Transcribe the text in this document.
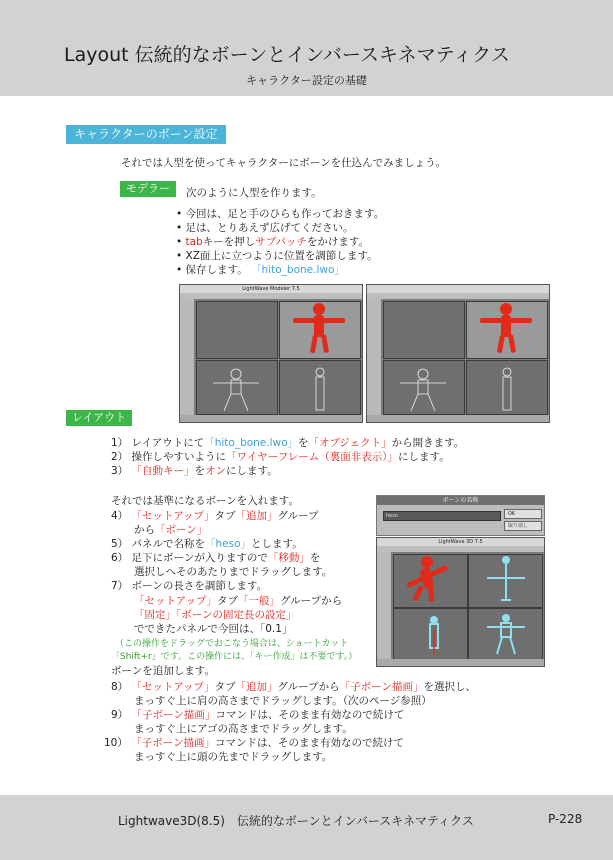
Layout 伝統的なボーンとインバースキネマティクス
キャラクター設定の基礎
キャラクターのボーン設定
それでは人型を使ってキャラクターにボーンを仕込んでみましょう。
モデラー	次のように人型を作ります。
• 今回は、足と手のひらも作っておきます。
• 足は、とりあえず広げてください。
• tabキーを押しサブパッチをかけます。
• XZ面上に立つように位置を調節します。
• 保存します。 「hito_bone.lwo」
LightWave Modeler 7.5
レイアウト
1） レイアウトにて「hito_bone.lwo」を「オブジェクト」から開きます。
2） 操作しやすいように「ワイヤーフレーム（裏面非表示）」にします。
3） 「自動キー」をオンにします。
それでは基準になるボーンを入れます。
4） 「セットアップ」タブ「追加」グループ
から「ボーン」
5） パネルで名称を「heso」とします。
6） 足下にボーンが入りますので「移動」を
選択しへそのあたりまでドラッグします。
7） ボーンの長さを調節します。
「セットアップ」タブ「一般」グループから
「固定」「ボーンの固定長の設定」
でできたパネルで今回は、「0.1」
（この操作をドラッグでおこなう場合は、ショートカット
「Shift+r」です。この操作には、「キー作成」は不要です。）
ボーンを追加します。
8） 「セットアップ」タブ「追加」グループから「子ボーン描画」を選択し、
まっすぐ上に肩の高さまでドラッグします。（次のページ参照）
9） 「子ボーン描画」コマンドは、そのまま有効なので続けて
まっすぐ上にアゴの高さまでドラッグします。
10） 「子ボーン描画」コマンドは、そのまま有効なので続けて
まっすぐ上に頭の先までドラッグします。
ボーンの名称
heso	OK
取り消し
LightWave 3D 7.5
Lightwave3D(8.5)　伝統的なボーンとインバースキネマティクス	P-228
